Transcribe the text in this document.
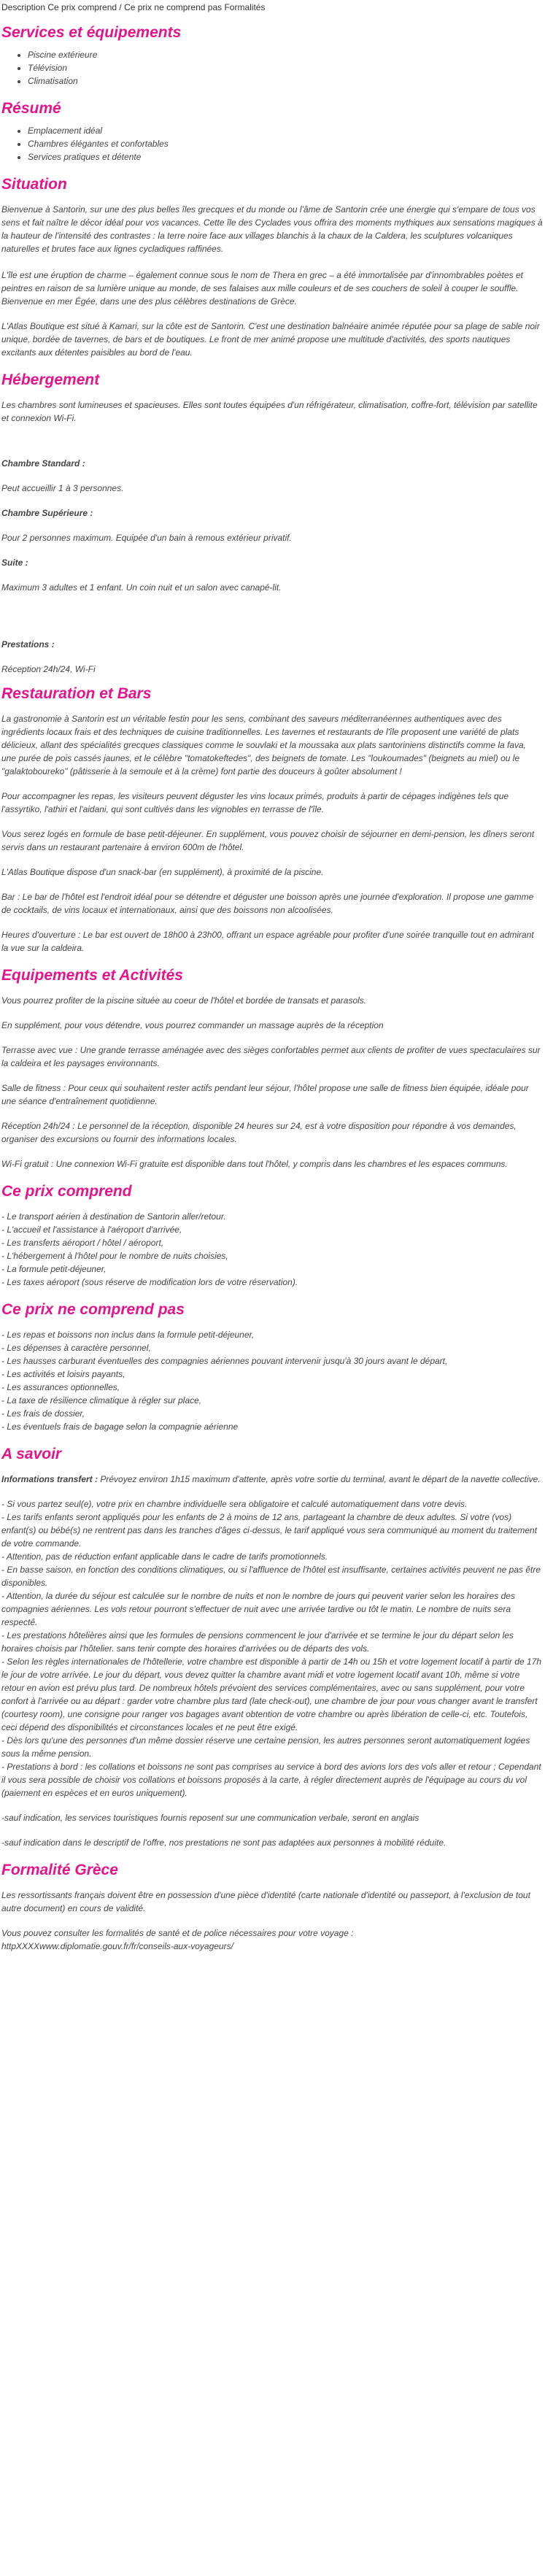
Description Ce prix comprend / Ce prix ne comprend pas Formalités
Services et équipements
• Piscine extérieure
• Télévision
• Climatisation
Résumé
• Emplacement idéal
• Chambres élégantes et confortables
• Services pratiques et détente
Situation

Bienvenue à Santorin, sur une des plus belles îles grecques et du monde ou l'âme de Santorin crée une énergie qui s'empare de tous vos sens et fait naître le décor idéal pour vos vacances. Cette île des Cyclades vous offrira des moments mythiques aux sensations magiques à la hauteur de l'intensité des contrastes : la terre noire face aux villages blanchis à la chaux de la Caldera, les sculptures volcaniques naturelles et brutes face aux lignes cycladiques raffinées.

L'île est une éruption de charme – également connue sous le nom de Thera en grec – a été immortalisée par d'innombrables poètes et peintres en raison de sa lumière unique au monde, de ses falaises aux mille couleurs et de ses couchers de soleil à couper le souffle. Bienvenue en mer Égée, dans une des plus célèbres destinations de Grèce.

L'Atlas Boutique est situé à Kamari, sur la côte est de Santorin. C'est une destination balnéaire animée réputée pour sa plage de sable noir unique, bordée de tavernes, de bars et de boutiques. Le front de mer animé propose une multitude d'activités, des sports nautiques excitants aux détentes paisibles au bord de l'eau.

Hébergement

Les chambres sont lumineuses et spacieuses. Elles sont toutes équipées d'un réfrigérateur, climatisation, coffre-fort, télévision par satellite et connexion Wi-Fi.

Chambre Standard :

Peut accueillir 1 à 3 personnes.

Chambre Supérieure :

Pour 2 personnes maximum. Equipée d'un bain à remous extérieur privatif.

Suite :

Maximum 3 adultes et 1 enfant. Un coin nuit et un salon avec canapé-lit.

Prestations :

Réception 24h/24, Wi-Fi

Restauration et Bars

La gastronomie à Santorin est un véritable festin pour les sens, combinant des saveurs méditerranéennes authentiques avec des ingrédients locaux frais et des techniques de cuisine traditionnelles. Les tavernes et restaurants de l'île proposent une variété de plats délicieux, allant des spécialités grecques classiques comme le souvlaki et la moussaka aux plats santoriniens distinctifs comme la fava, une purée de pois cassés jaunes, et le célèbre "tomatokeftedes", des beignets de tomate. Les "loukoumades" (beignets au miel) ou le "galaktoboureko" (pâtisserie à la semoule et à la crème) font partie des douceurs à goûter absolument !

Pour accompagner les repas, les visiteurs peuvent déguster les vins locaux primés, produits à partir de cépages indigènes tels que l'assyrtiko, l'athiri et l'aidani, qui sont cultivés dans les vignobles en terrasse de l'île.

Vous serez logés en formule de base petit-déjeuner. En supplément, vous pouvez choisir de séjourner en demi-pension, les dîners seront servis dans un restaurant partenaire à environ 600m de l'hôtel.

L'Atlas Boutique dispose d'un snack-bar (en supplément), à proximité de la piscine.

Bar : Le bar de l'hôtel est l'endroit idéal pour se détendre et déguster une boisson après une journée d'exploration. Il propose une gamme de cocktails, de vins locaux et internationaux, ainsi que des boissons non alcoolisées.

Heures d'ouverture : Le bar est ouvert de 18h00 à 23h00, offrant un espace agréable pour profiter d'une soirée tranquille tout en admirant la vue sur la caldeira.

Equipements et Activités

Vous pourrez profiter de la piscine située au coeur de l'hôtel et bordée de transats et parasols.

En supplément, pour vous détendre, vous pourrez commander un massage auprès de la réception

Terrasse avec vue : Une grande terrasse aménagée avec des sièges confortables permet aux clients de profiter de vues spectaculaires sur la caldeira et les paysages environnants.

Salle de fitness : Pour ceux qui souhaitent rester actifs pendant leur séjour, l'hôtel propose une salle de fitness bien équipée, idéale pour une séance d'entraînement quotidienne.

Réception 24h/24 : Le personnel de la réception, disponible 24 heures sur 24, est à votre disposition pour répondre à vos demandes, organiser des excursions ou fournir des informations locales.

Wi-Fi gratuit : Une connexion Wi-Fi gratuite est disponible dans tout l'hôtel, y compris dans les chambres et les espaces communs.

Ce prix comprend

- Le transport aérien à destination de Santorin aller/retour.

- L'accueil et l'assistance à l'aéroport d'arrivée,

- Les transferts aéroport / hôtel / aéroport,

- L'hébergement à l'hôtel pour le nombre de nuits choisies,

- La formule petit-déjeuner,

- Les taxes aéroport (sous réserve de modification lors de votre réservation).

Ce prix ne comprend pas

- Les repas et boissons non inclus dans la formule petit-déjeuner,

- Les dépenses à caractère personnel,

- Les hausses carburant éventuelles des compagnies aériennes pouvant intervenir jusqu'à 30 jours avant le départ,

- Les activités et loisirs payants,

- Les assurances optionnelles,

- La taxe de résilience climatique à régler sur place,

- Les frais de dossier,

- Les éventuels frais de bagage selon la compagnie aérienne

A savoir

Informations transfert : Prévoyez environ 1h15 maximum d'attente, après votre sortie du terminal, avant le départ de la navette collective.

- Si vous partez seul(e), votre prix en chambre individuelle sera obligatoire et calculé automatiquement dans votre devis.

- Les tarifs enfants seront appliqués pour les enfants de 2 à moins de 12 ans, partageant la chambre de deux adultes. Si votre (vos) enfant(s) ou bébé(s) ne rentrent pas dans les tranches d'âges ci-dessus, le tarif appliqué vous sera communiqué au moment du traitement de votre commande.

- Attention, pas de réduction enfant applicable dans le cadre de tarifs promotionnels.

- En basse saison, en fonction des conditions climatiques, ou si l'affluence de l'hôtel est insuffisante, certaines activités peuvent ne pas être disponibles.

- Attention, la durée du séjour est calculée sur le nombre de nuits et non le nombre de jours qui peuvent varier selon les horaires des compagnies aériennes. Les vols retour pourront s'effectuer de nuit avec une arrivée tardive ou tôt le matin. Le nombre de nuits sera respecté.

- Les prestations hôtelières ainsi que les formules de pensions commencent le jour d'arrivée et se termine le jour du départ selon les horaires choisis par l'hôtelier. sans tenir compte des horaires d'arrivées ou de départs des vols.

- Selon les règles internationales de l'hôtellerie, votre chambre est disponible à partir de 14h ou 15h et votre logement locatif à partir de 17h le jour de votre arrivée. Le jour du départ, vous devez quitter la chambre avant midi et votre logement locatif avant 10h, même si votre retour en avion est prévu plus tard. De nombreux hôtels prévoient des services complémentaires, avec ou sans supplément, pour votre confort à l'arrivée ou au départ : garder votre chambre plus tard (late check-out), une chambre de jour pour vous changer avant le transfert (courtesy room), une consigne pour ranger vos bagages avant obtention de votre chambre ou après libération de celle-ci, etc. Toutefois, ceci dépend des disponibilités et circonstances locales et ne peut être exigé.

- Dès lors qu'une des personnes d'un même dossier réserve une certaine pension, les autres personnes seront automatiquement logées sous la même pension.

- Prestations à bord : les collations et boissons ne sont pas comprises au service à bord des avions lors des vols aller et retour ; Cependant il vous sera possible de choisir vos collations et boissons proposés à la carte, à régler directement auprès de l'équipage au cours du vol (paiement en espèces et en euros uniquement).

-sauf indication, les services touristiques fournis reposent sur une communication verbale, seront en anglais

-sauf indication dans le descriptif de l'offre, nos prestations ne sont pas adaptées aux personnes à mobilité réduite.

Formalité Grèce

Les ressortissants français doivent être en possession d'une pièce d'identité (carte nationale d'identité ou passeport, à l'exclusion de tout autre document) en cours de validité.

Vous pouvez consulter les formalités de santé et de police nécessaires pour votre voyage :

httpXXXXwww.diplomatie.gouv.fr/fr/conseils-aux-voyageurs/
